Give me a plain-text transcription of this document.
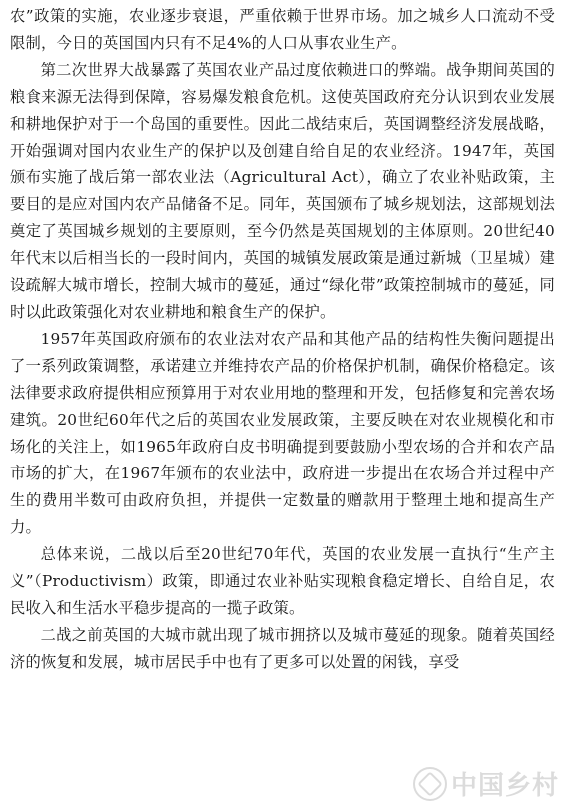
农”政策的实施，农业逐步衰退，严重依赖于世界市场。加之城乡人口流动不受限制，今日的英国国内只有不足4%的人口从事农业生产。

第二次世界大战暴露了英国农业产品过度依赖进口的弊端。战争期间英国的粮食来源无法得到保障，容易爆发粮食危机。这使英国政府充分认识到农业发展和耕地保护对于一个岛国的重要性。因此二战结束后，英国调整经济发展战略，开始强调对国内农业生产的保护以及创建自给自足的农业经济。1947年，英国颁布实施了战后第一部农业法（Agricultural Act），确立了农业补贴政策，主要目的是应对国内农产品储备不足。同年，英国颁布了城乡规划法，这部规划法奠定了英国城乡规划的主要原则，至今仍然是英国规划的主体原则。20世纪40年代末以后相当长的一段时间内，英国的城镇发展政策是通过新城（卫星城）建设疏解大城市增长，控制大城市的蔓延，通过“绿化带”政策控制城市的蔓延，同时以此政策强化对农业耕地和粮食生产的保护。

1957年英国政府颁布的农业法对农产品和其他产品的结构性失衡问题提出了一系列政策调整，承诺建立并维持农产品的价格保护机制，确保价格稳定。该法律要求政府提供相应预算用于对农业用地的整理和开发，包括修复和完善农场建筑。20世纪60年代之后的英国农业发展政策，主要反映在对农业规模化和市场化的关注上，如1965年政府白皮书明确提到要鼓励小型农场的合并和农产品市场的扩大，在1967年颁布的农业法中，政府进一步提出在农场合并过程中产生的费用半数可由政府负担，并提供一定数量的赠款用于整理土地和提高生产力。

总体来说，二战以后至20世纪70年代，英国的农业发展一直执行“生产主义”（Productivism）政策，即通过农业补贴实现粮食稳定增长、自给自足，农民收入和生活水平稳步提高的一揽子政策。

二战之前英国的大城市就出现了城市拥挤以及城市蔓延的现象。随着英国经济的恢复和发展，城市居民手中也有了更多可以处置的闲钱，享受

中国乡村
